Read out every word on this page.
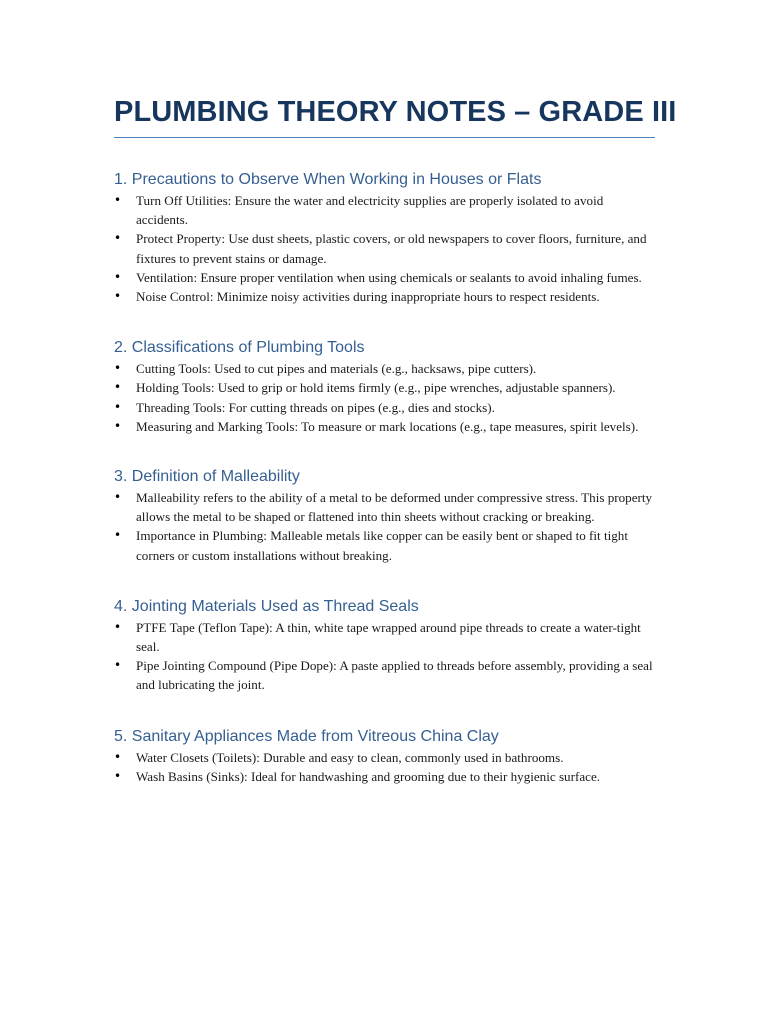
PLUMBING THEORY NOTES – GRADE III
1. Precautions to Observe When Working in Houses or Flats
• Turn Off Utilities: Ensure the water and electricity supplies are properly isolated to avoid accidents.
• Protect Property: Use dust sheets, plastic covers, or old newspapers to cover floors, furniture, and fixtures to prevent stains or damage.
• Ventilation: Ensure proper ventilation when using chemicals or sealants to avoid inhaling fumes.
• Noise Control: Minimize noisy activities during inappropriate hours to respect residents.
2. Classifications of Plumbing Tools
• Cutting Tools: Used to cut pipes and materials (e.g., hacksaws, pipe cutters).
• Holding Tools: Used to grip or hold items firmly (e.g., pipe wrenches, adjustable spanners).
• Threading Tools: For cutting threads on pipes (e.g., dies and stocks).
• Measuring and Marking Tools: To measure or mark locations (e.g., tape measures, spirit levels).
3. Definition of Malleability
• Malleability refers to the ability of a metal to be deformed under compressive stress. This property allows the metal to be shaped or flattened into thin sheets without cracking or breaking.
• Importance in Plumbing: Malleable metals like copper can be easily bent or shaped to fit tight corners or custom installations without breaking.
4. Jointing Materials Used as Thread Seals
• PTFE Tape (Teflon Tape): A thin, white tape wrapped around pipe threads to create a water-tight seal.
• Pipe Jointing Compound (Pipe Dope): A paste applied to threads before assembly, providing a seal and lubricating the joint.
5. Sanitary Appliances Made from Vitreous China Clay
• Water Closets (Toilets): Durable and easy to clean, commonly used in bathrooms.
• Wash Basins (Sinks): Ideal for handwashing and grooming due to their hygienic surface.
